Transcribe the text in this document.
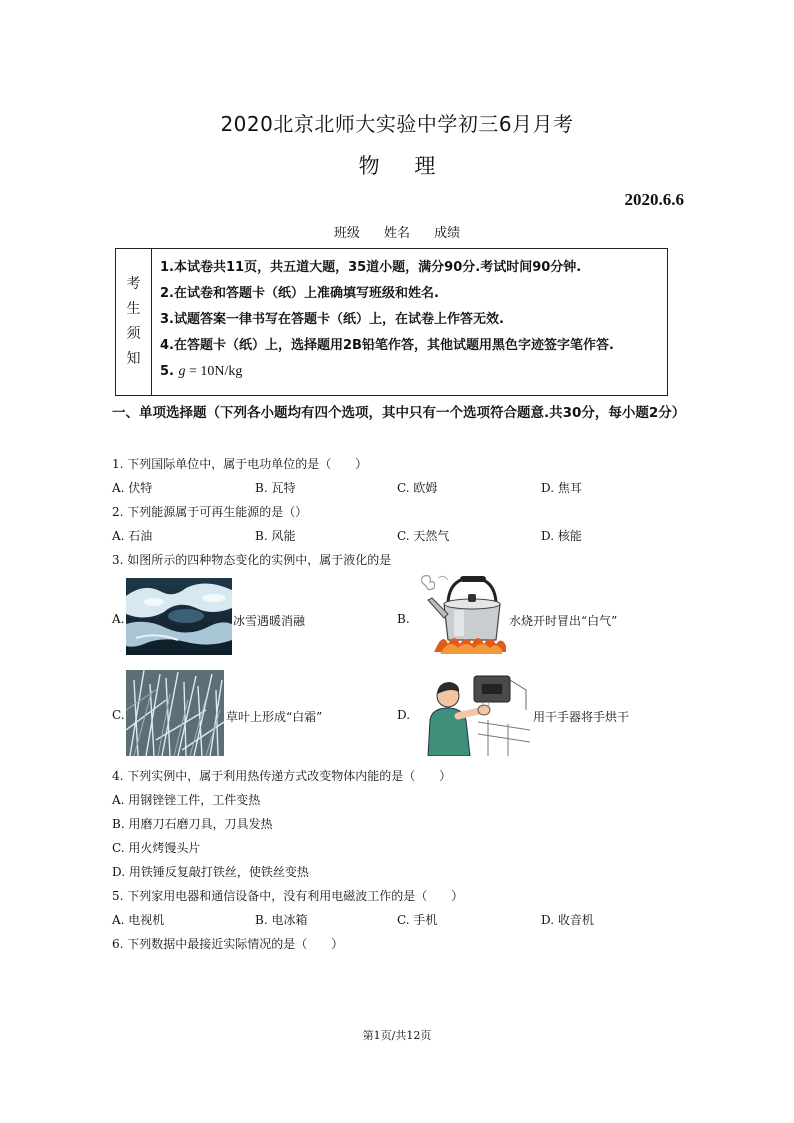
2020北京北师大实验中学初三6月月考
物 理
2020.6.6
班级 姓名 成绩
考
生
须
知
1.本试卷共11页，共五道大题，35道小题，满分90分.考试时间90分钟.
2.在试卷和答题卡（纸）上准确填写班级和姓名.
3.试题答案一律书写在答题卡（纸）上，在试卷上作答无效.
4.在答题卡（纸）上，选择题用2B铅笔作答，其他试题用黑色字迹签字笔作答.
5. g = 10N/kg
一、单项选择题（下列各小题均有四个选项，其中只有一个选项符合题意.共30分，每小题2分）
1. 下列国际单位中，属于电功单位的是（　　）
A. 伏特	B. 瓦特	C. 欧姆	D. 焦耳
2. 下列能源属于可再生能源的是（）
A. 石油	B. 风能	C. 天然气	D. 核能
3. 如图所示的四种物态变化的实例中，属于液化的是
A.	冰雪遇暖消融	B.	水烧开时冒出“白气”
C.	草叶上形成“白霜”	D.	用干手器将手烘干
4. 下列实例中，属于利用热传递方式改变物体内能的是（　　）
A. 用钢锉锉工件，工件变热
B. 用磨刀石磨刀具，刀具发热
C. 用火烤馒头片
D. 用铁锤反复敲打铁丝，使铁丝变热
5. 下列家用电器和通信设备中，没有利用电磁波工作的是（　　）
A. 电视机	B. 电冰箱	C. 手机	D. 收音机
6. 下列数据中最接近实际情况的是（　　）
第1页/共12页
